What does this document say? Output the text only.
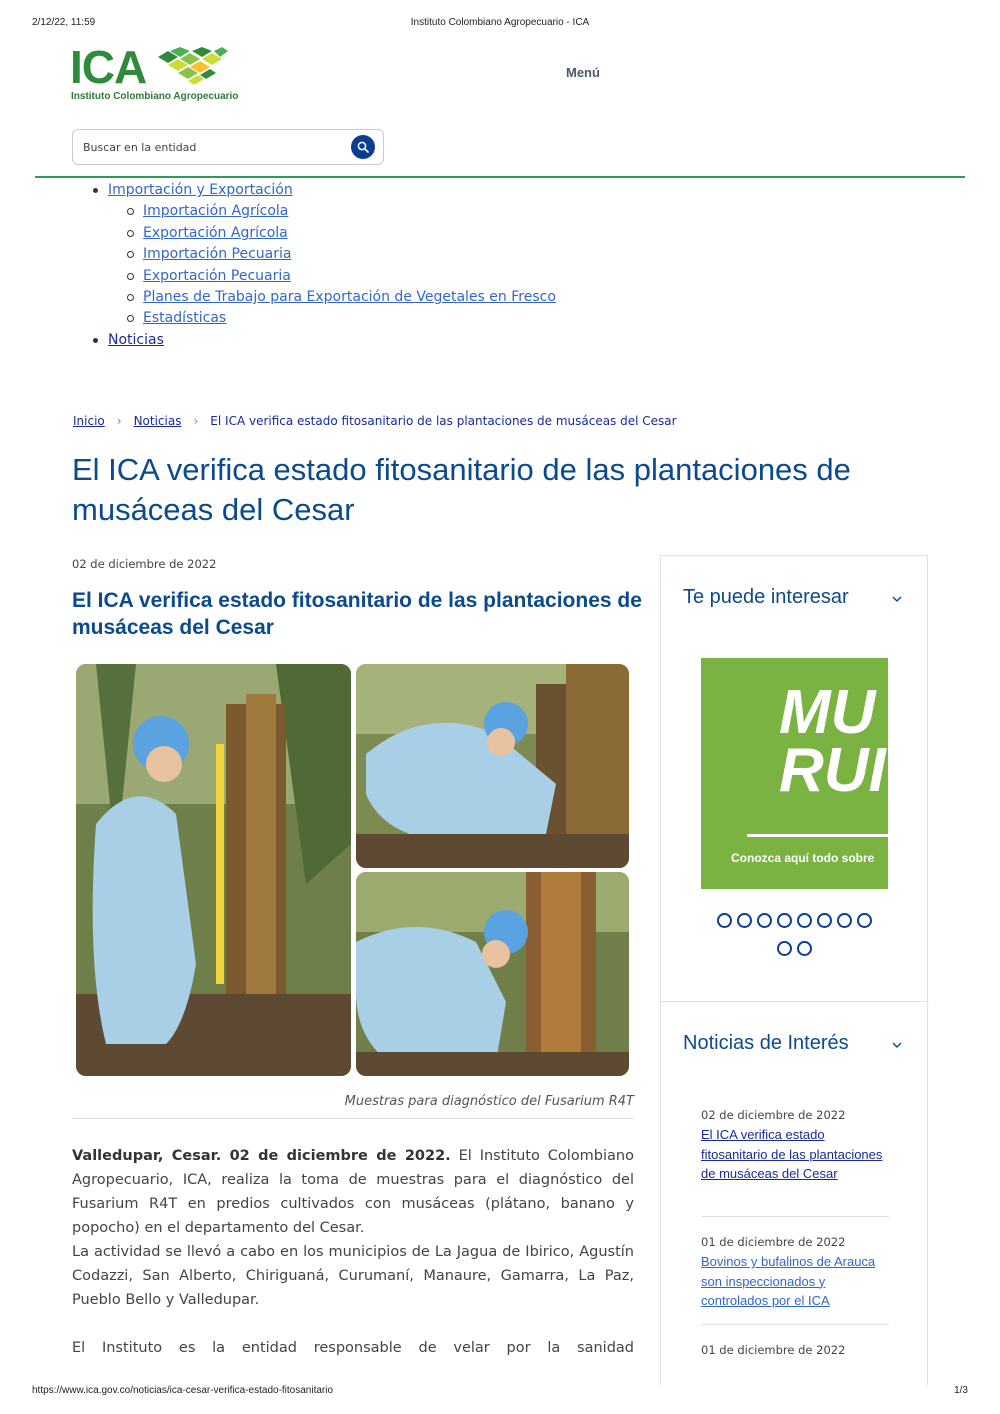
2/12/22, 11:59	Instituto Colombiano Agropecuario - ICA
ICA
Instituto Colombiano Agropecuario
Menú
Buscar en la entidad
Importación y Exportación
Importación Agrícola
Exportación Agrícola
Importación Pecuaria
Exportación Pecuaria
Planes de Trabajo para Exportación de Vegetales en Fresco
Estadísticas
Noticias
Inicio › Noticias › El ICA verifica estado fitosanitario de las plantaciones de musáceas del Cesar
El ICA verifica estado fitosanitario de las plantaciones de musáceas del Cesar
02 de diciembre de 2022
El ICA verifica estado fitosanitario de las plantaciones de musáceas del Cesar
Muestras para diagnóstico del Fusarium R4T

Valledupar, Cesar. 02 de diciembre de 2022. El Instituto Colombiano Agropecuario, ICA, realiza la toma de muestras para el diagnóstico del Fusarium R4T en predios cultivados con musáceas (plátano, banano y popocho) en el departamento del Cesar.

La actividad se llevó a cabo en los municipios de La Jagua de Ibirico, Agustín Codazzi, San Alberto, Chiriguaná, Curumaní, Manaure, Gamarra, La Paz, Pueblo Bello y Valledupar.

El Instituto es la entidad responsable de velar por la sanidad

Te puede interesar
MU
RUI
Conozca aquí todo sobre

Noticias de Interés
02 de diciembre de 2022
El ICA verifica estado fitosanitario de las plantaciones de musáceas del Cesar
01 de diciembre de 2022
Bovinos y bufalinos de Arauca son inspeccionados y controlados por el ICA
01 de diciembre de 2022
https://www.ica.gov.co/noticias/ica-cesar-verifica-estado-fitosanitario	1/3
